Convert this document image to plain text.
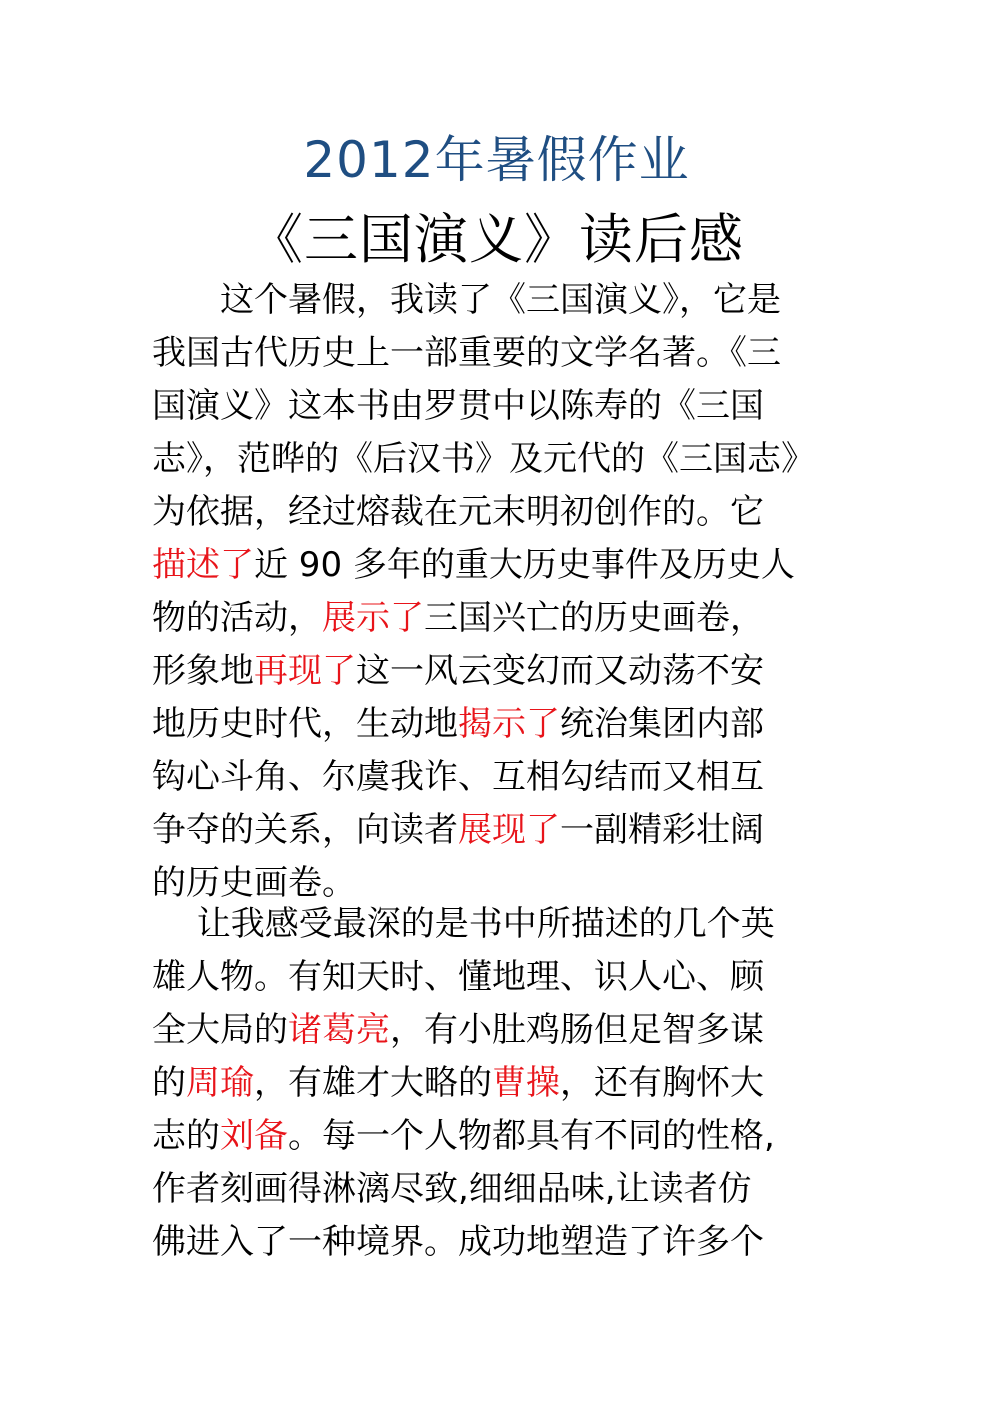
2012年暑假作业
《三国演义》读后感
　　这个暑假，我读了《三国演义》，它是
我国古代历史上一部重要的文学名著。《三
国演义》这本书由罗贯中以陈寿的《三国
志》，范晔的《后汉书》及元代的《三国志》
为依据，经过熔裁在元末明初创作的。它
描述了近 90 多年的重大历史事件及历史人
物的活动，展示了三国兴亡的历史画卷，
形象地再现了这一风云变幻而又动荡不安
地历史时代，生动地揭示了统治集团内部
钩心斗角、尔虞我诈、互相勾结而又相互
争夺的关系，向读者展现了一副精彩壮阔
的历史画卷。
　 让我感受最深的是书中所描述的几个英
雄人物。有知天时、懂地理、识人心、顾
全大局的诸葛亮，有小肚鸡肠但足智多谋
的周瑜，有雄才大略的曹操，还有胸怀大
志的刘备。每一个人物都具有不同的性格,
作者刻画得淋漓尽致,细细品味,让读者仿
佛进入了一种境界。成功地塑造了许多个
